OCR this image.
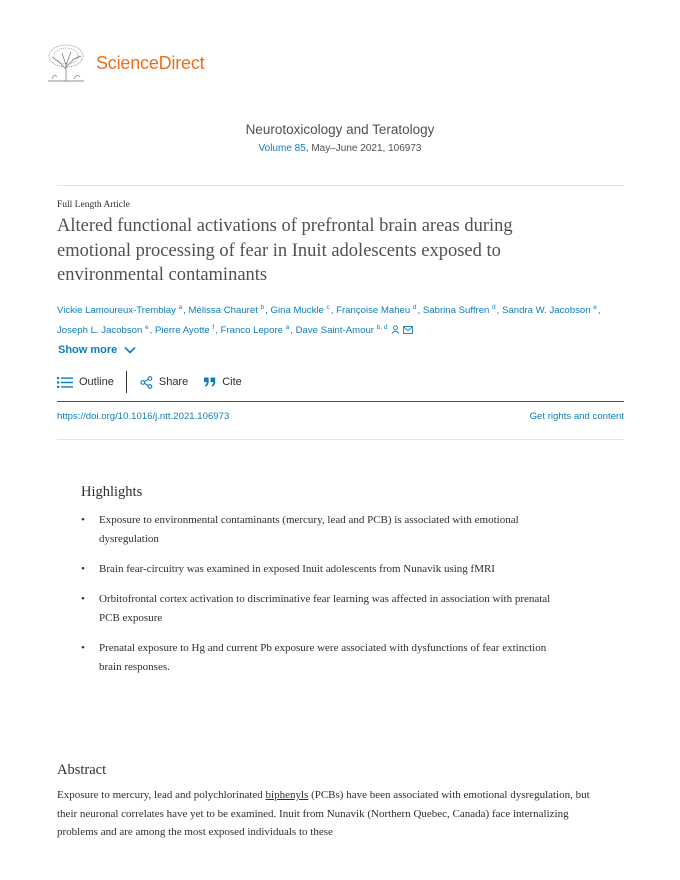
ScienceDirect
Neurotoxicology and Teratology
Volume 85, May–June 2021, 106973
Full Length Article
Altered functional activations of prefrontal brain areas during emotional processing of fear in Inuit adolescents exposed to environmental contaminants
Vickie Lamoureux-Tremblay $^a$, Mélissa Chauret $^b$, Gina Muckle $^c$, Françoise Maheu $^d$, Sabrina Suffren $^d$, Sandra W. Jacobson $^e$, Joseph L. Jacobson $^e$, Pierre Ayotte $^f$, Franco Lepore $^a$, Dave Saint-Amour $^{b, d}$
Show more
Outline	Share	Cite
https://doi.org/10.1016/j.ntt.2021.106973	Get rights and content
Highlights
• Exposure to environmental contaminants (mercury, lead and PCB) is associated with emotional dysregulation
• Brain fear-circuitry was examined in exposed Inuit adolescents from Nunavik using fMRI
• Orbitofrontal cortex activation to discriminative fear learning was affected in association with prenatal PCB exposure
• Prenatal exposure to Hg and current Pb exposure were associated with dysfunctions of fear extinction brain responses.
Abstract

Exposure to mercury, lead and polychlorinated biphenyls (PCBs) have been associated with emotional dysregulation, but their neuronal correlates have yet to be examined. Inuit from Nunavik (Northern Quebec, Canada) face internalizing problems and are among the most exposed individuals to these
